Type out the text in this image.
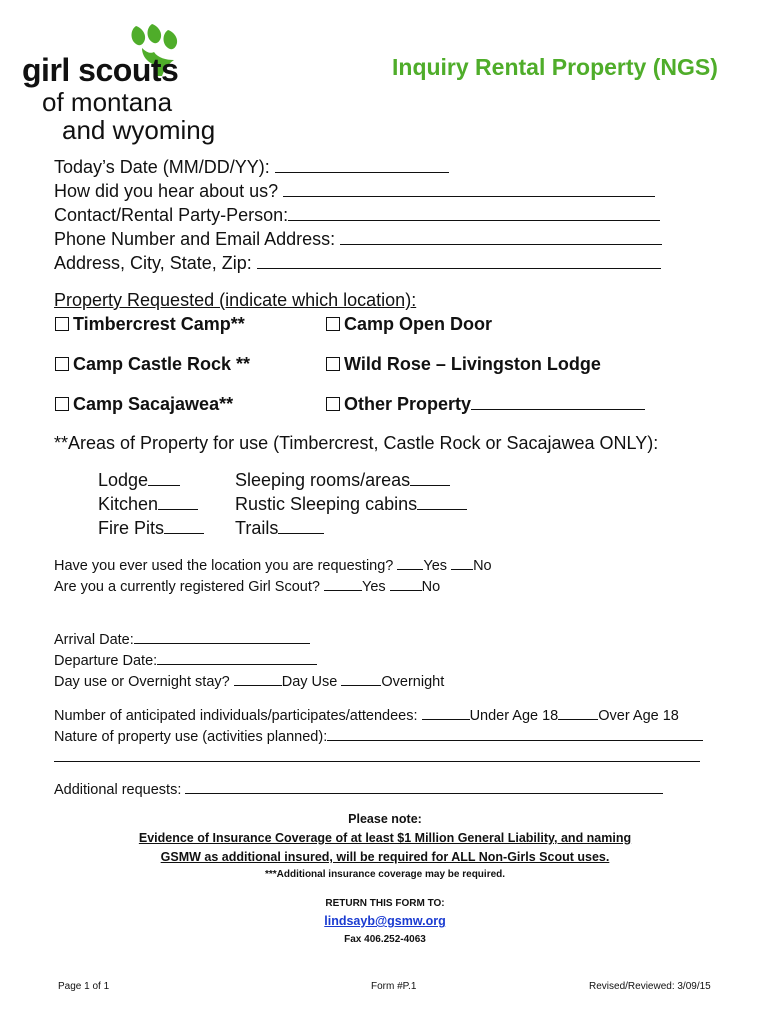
girl scouts
of montana
and wyoming
Inquiry Rental Property (NGS)
Today’s Date (MM/DD/YY):
How did you hear about us?
Contact/Rental Party-Person:
Phone Number and Email Address:
Address, City, State, Zip:
Property Requested (indicate which location):
Timbercrest Camp**	Camp Open Door
Camp Castle Rock **	Wild Rose – Livingston Lodge
Camp Sacajawea**	Other Property
**Areas of Property for use (Timbercrest, Castle Rock or Sacajawea ONLY):
Lodge	Sleeping rooms/areas
Kitchen	Rustic Sleeping cabins
Fire Pits	Trails
Have you ever used the location you are requesting? Yes No
Are you a currently registered Girl Scout?	Yes No
Arrival Date:
Departure Date:
Day use or Overnight stay?	Day Use	Overnight
Number of anticipated individuals/participates/attendees:	Under Age 18	Over Age 18
Nature of property use (activities planned):
Additional requests:
Please note:
Evidence of Insurance Coverage of at least $1 Million General Liability, and naming
GSMW as additional insured, will be required for ALL Non-Girls Scout uses.
***Additional insurance coverage may be required.
RETURN THIS FORM TO:
lindsayb@gsmw.org
Fax 406.252-4063
Page 1 of 1	Form #P.1	Revised/Reviewed: 3/09/15
